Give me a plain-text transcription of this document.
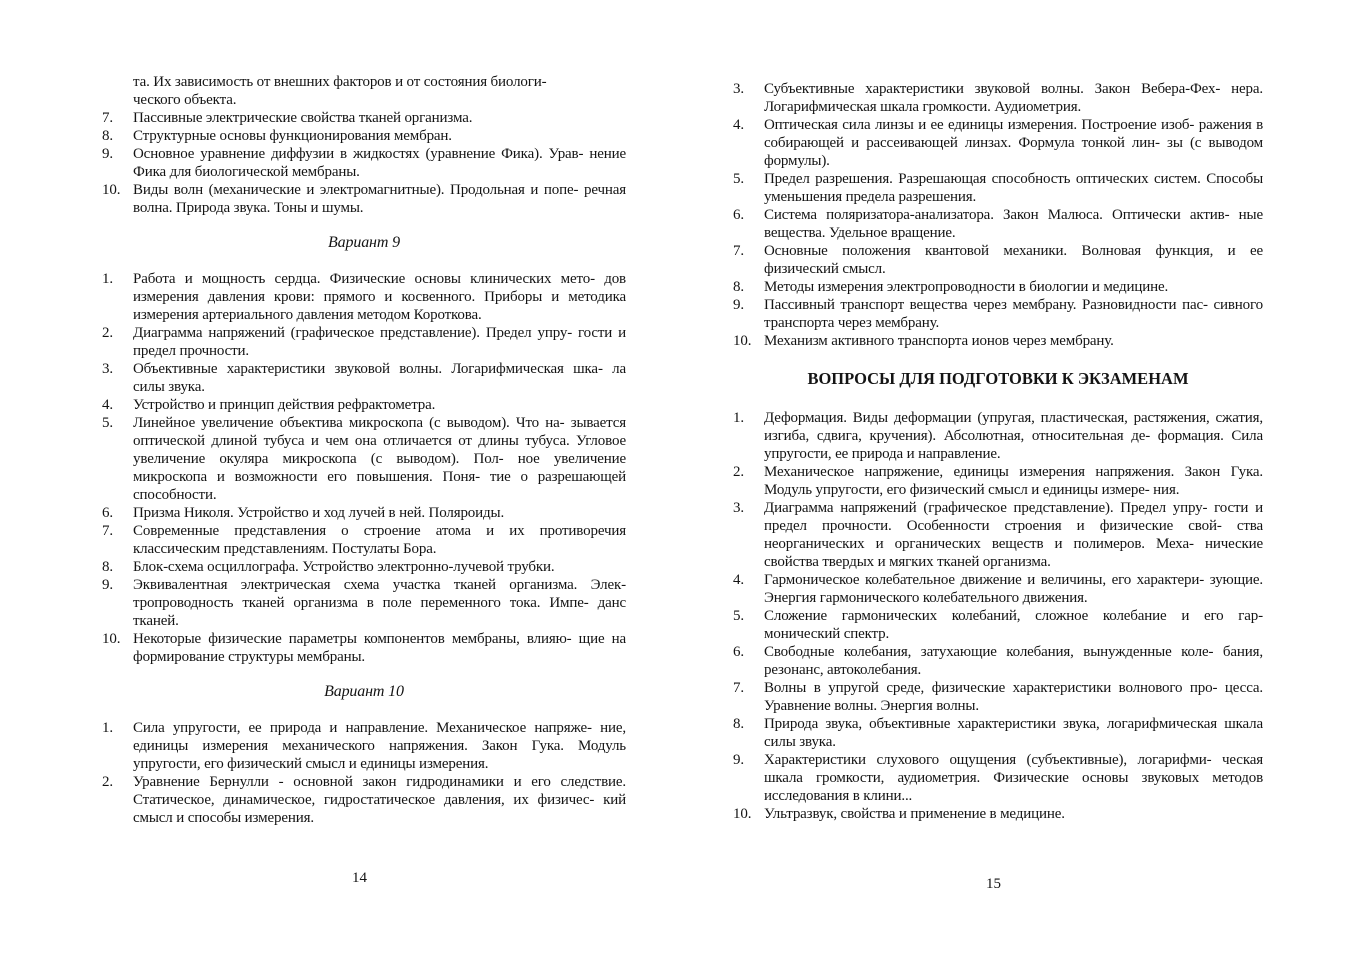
та. Их зависимость от внешних факторов и от состояния биологи-
ческого объекта.

7.	Пассивные электрические свойства тканей организма.

8.	Структурные основы функционирования мембран.

9.	Основное уравнение диффузии в жидкостях (уравнение Фика). Урав- нение Фика для биологической мембраны.

10. Виды волн (механические и электромагнитные). Продольная и попе- речная волна. Природа звука. Тоны и шумы.

Вариант 9

1.	Работа и мощность сердца. Физические основы клинических мето- дов измерения давления крови: прямого и косвенного. Приборы и методика измерения артериального давления методом Короткова.

2.	Диаграмма напряжений (графическое представление). Предел упру- гости и предел прочности.

3.	Объективные характеристики звуковой волны. Логарифмическая шка- ла силы звука.

4.	Устройство и принцип действия рефрактометра.

5.	Линейное увеличение объектива микроскопа (с выводом). Что на- зывается оптической длиной тубуса и чем она отличается от длины тубуса. Угловое увеличение окуляра микроскопа (с выводом). Пол- ное увеличение микроскопа и возможности его повышения. Поня- тие о разрешающей способности.

6.	Призма Николя. Устройство и ход лучей в ней. Поляроиды.

7.	Современные представления о строение атома и их противоречия классическим представлениям. Постулаты Бора.

8.	Блок-схема осциллографа. Устройство электронно-лучевой трубки.

9.	Эквивалентная электрическая схема участка тканей организма. Элек- тропроводность тканей организма в поле переменного тока. Импе- данс тканей.

10. Некоторые физические параметры компонентов мембраны, влияю- щие на формирование структуры мембраны.

Вариант 10

1.	Сила упругости, ее природа и направление. Механическое напряже- ние, единицы измерения механического напряжения. Закон Гука. Модуль упругости, его физический смысл и единицы измерения.

2.	Уравнение Бернулли - основной закон гидродинамики и его следствие. Статическое, динамическое, гидростатическое давления, их физичес- кий смысл и способы измерения.

14

3.	Субъективные характеристики звуковой волны. Закон Вебера-Фех- нера. Логарифмическая шкала громкости. Аудиометрия.

4.	Оптическая сила линзы и ее единицы измерения. Построение изоб- ражения в собирающей и рассеивающей линзах. Формула тонкой лин- зы (с выводом формулы).

5.	Предел разрешения. Разрешающая способность оптических систем. Способы уменьшения предела разрешения.

6.	Система поляризатора-анализатора. Закон Малюса. Оптически актив- ные вещества. Удельное вращение.

7.	Основные положения квантовой механики. Волновая функция, и ее физический смысл.

8.	Методы измерения электропроводности в биологии и медицине.

9.	Пассивный транспорт вещества через мембрану. Разновидности пас- сивного транспорта через мембрану.

10. Механизм активного транспорта ионов через мембрану.

ВОПРОСЫ ДЛЯ ПОДГОТОВКИ К ЭКЗАМЕНАМ

1.	Деформация. Виды деформации (упругая, пластическая, растяжения, сжатия, изгиба, сдвига, кручения). Абсолютная, относительная де- формация. Сила упругости, ее природа и направление.

2.	Механическое напряжение, единицы измерения напряжения. Закон Гука. Модуль упругости, его физический смысл и единицы измере- ния.

3.	Диаграмма напряжений (графическое представление). Предел упру- гости и предел прочности. Особенности строения и физические свой- ства неорганических и органических веществ и полимеров. Меха- нические свойства твердых и мягких тканей организма.

4.	Гармоническое колебательное движение и величины, его характери- зующие. Энергия гармонического колебательного движения.

5.	Сложение гармонических колебаний, сложное колебание и его гар- монический спектр.

6.	Свободные колебания, затухающие колебания, вынужденные коле- бания, резонанс, автоколебания.

7.	Волны в упругой среде, физические характеристики волнового про- цесса. Уравнение волны. Энергия волны.

8.	Природа звука, объективные характеристики звука, логарифмическая шкала силы звука.

9.	Характеристики слухового ощущения (субъективные), логарифми- ческая шкала громкости, аудиометрия. Физические основы звуковых методов исследования в клини...

10. Ультразвук, свойства и применение в медицине.

15
